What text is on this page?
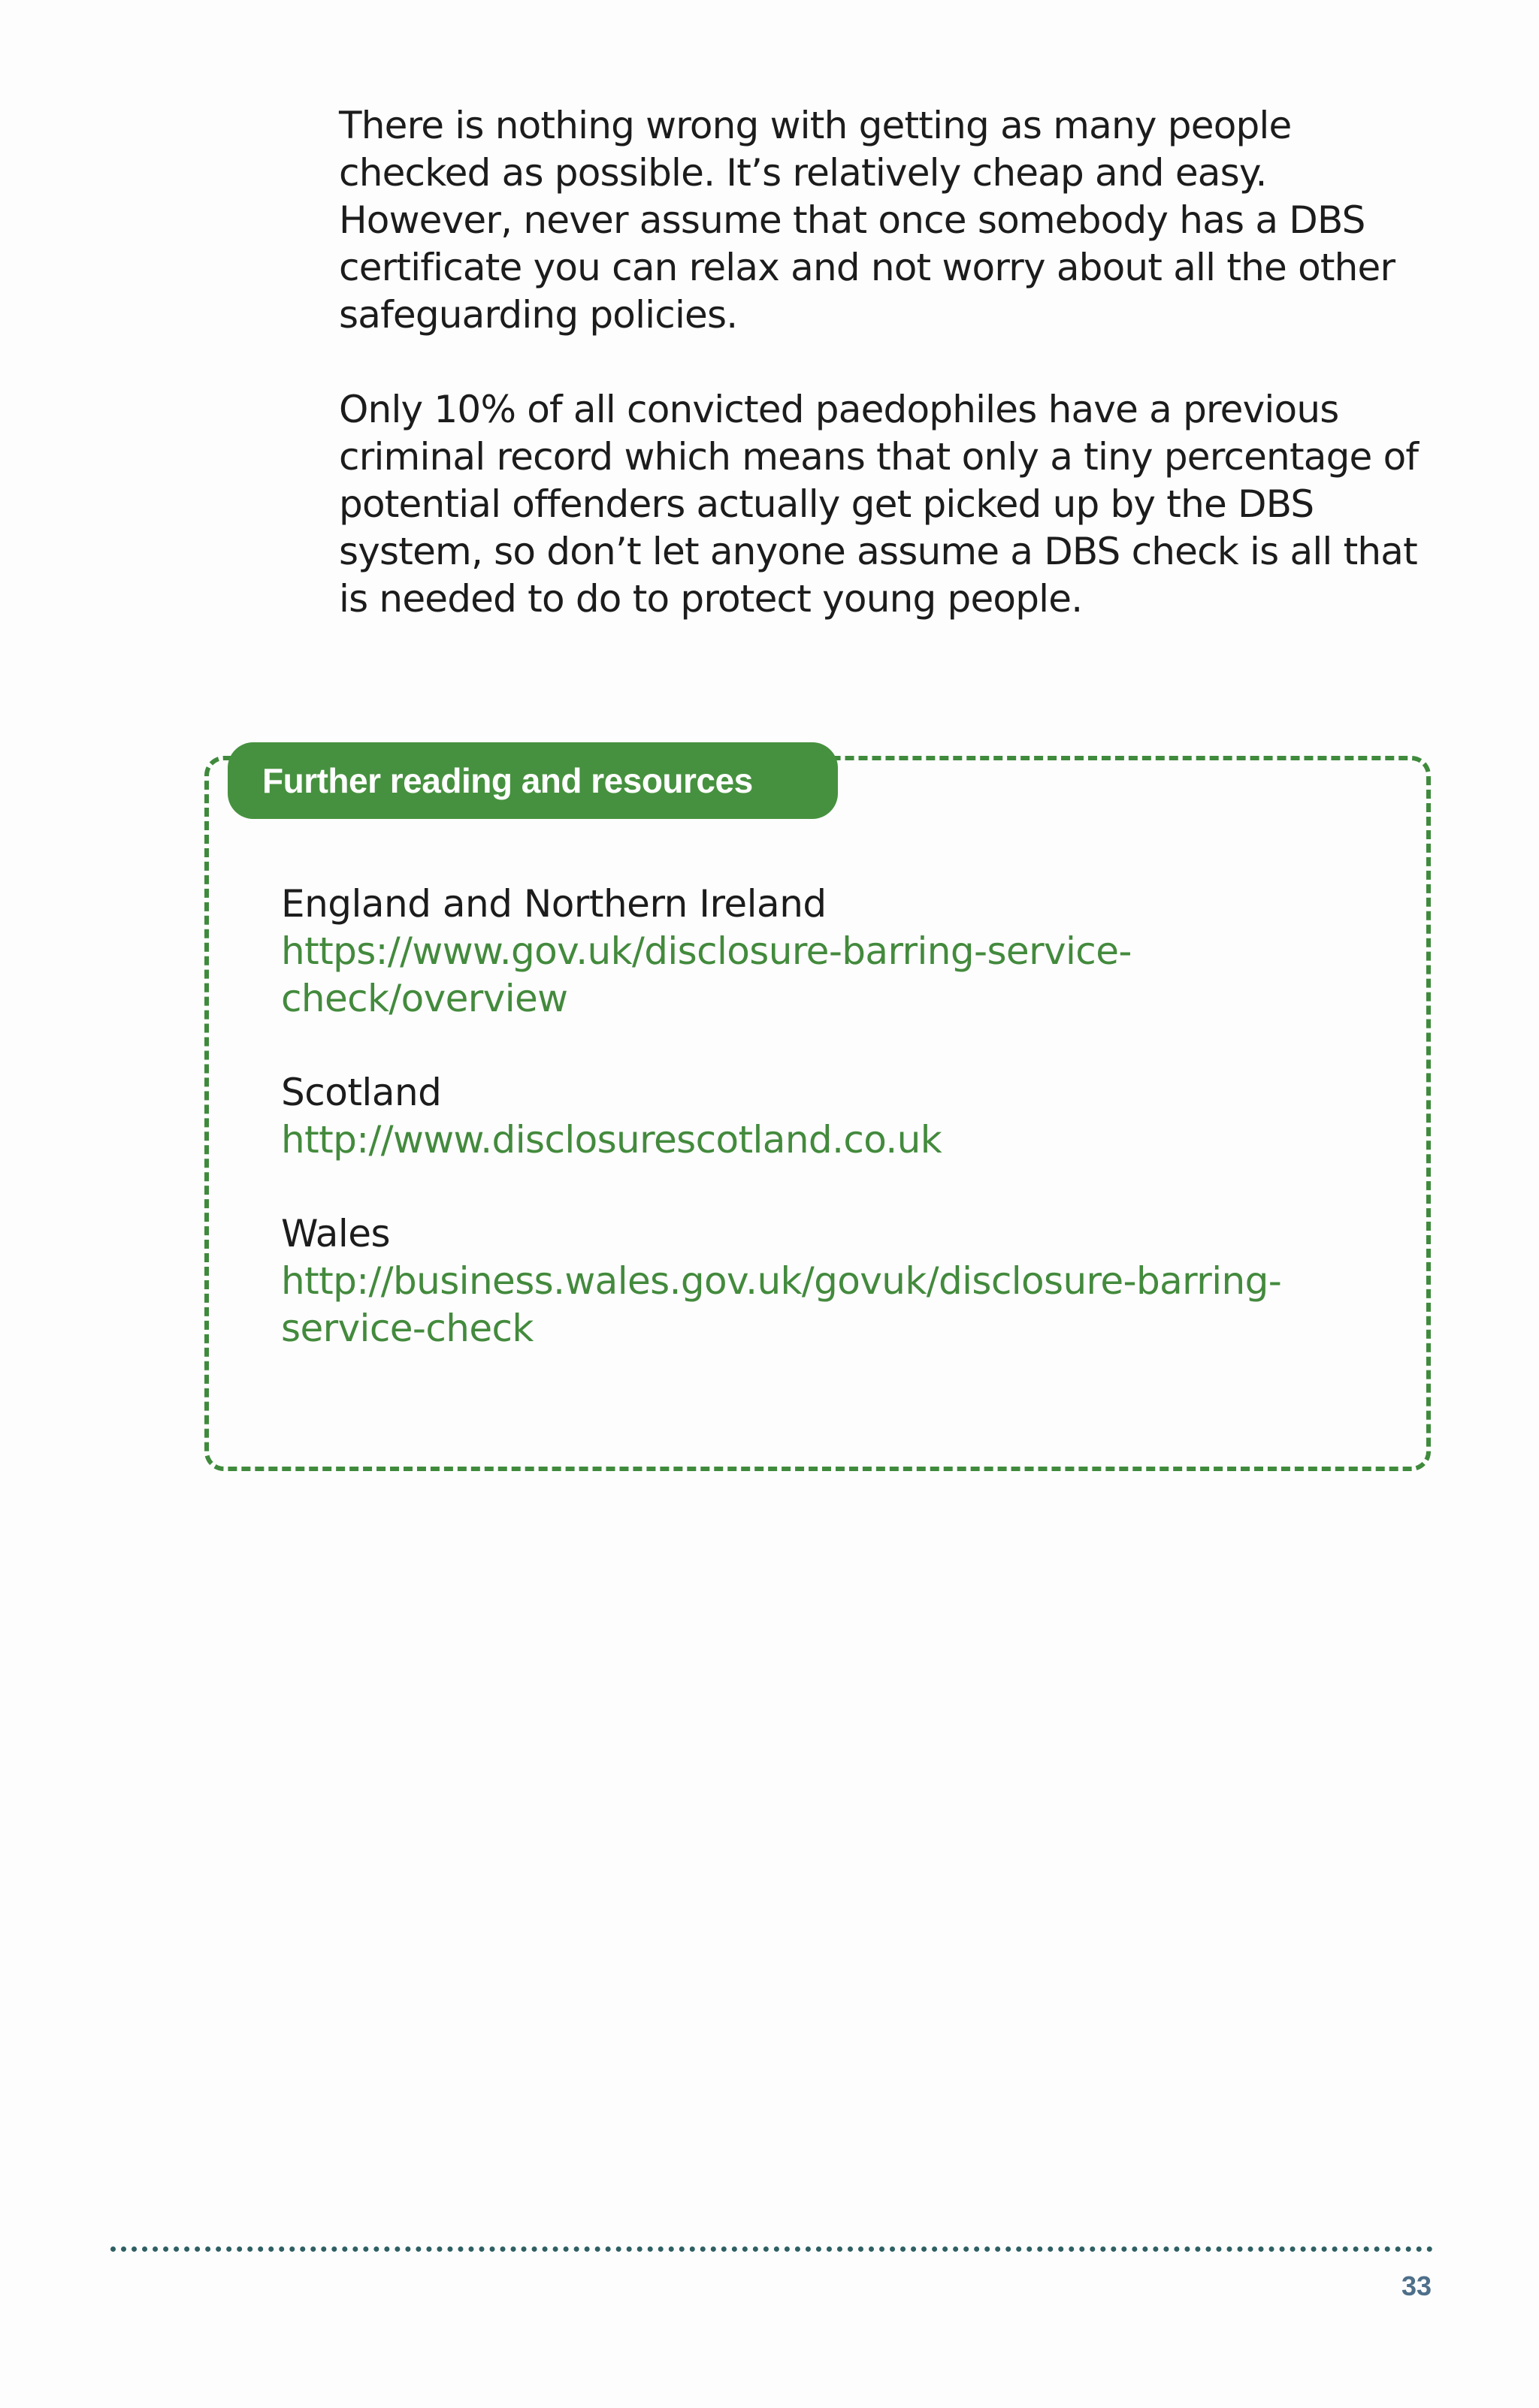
There is nothing wrong with getting as many people checked as possible. It’s relatively cheap and easy. However, never assume that once somebody has a DBS certificate you can relax and not worry about all the other safeguarding policies.

Only 10% of all convicted paedophiles have a previous criminal record which means that only a tiny percentage of potential offenders actually get picked up by the DBS system, so don’t let anyone assume a DBS check is all that is needed to do to protect young people.

Further reading and resources
England and Northern Ireland
https://www.gov.uk/disclosure-barring-service-check/overview
Scotland
http://www.disclosurescotland.co.uk
Wales
http://business.wales.gov.uk/govuk/disclosure-barring-service-check
33
